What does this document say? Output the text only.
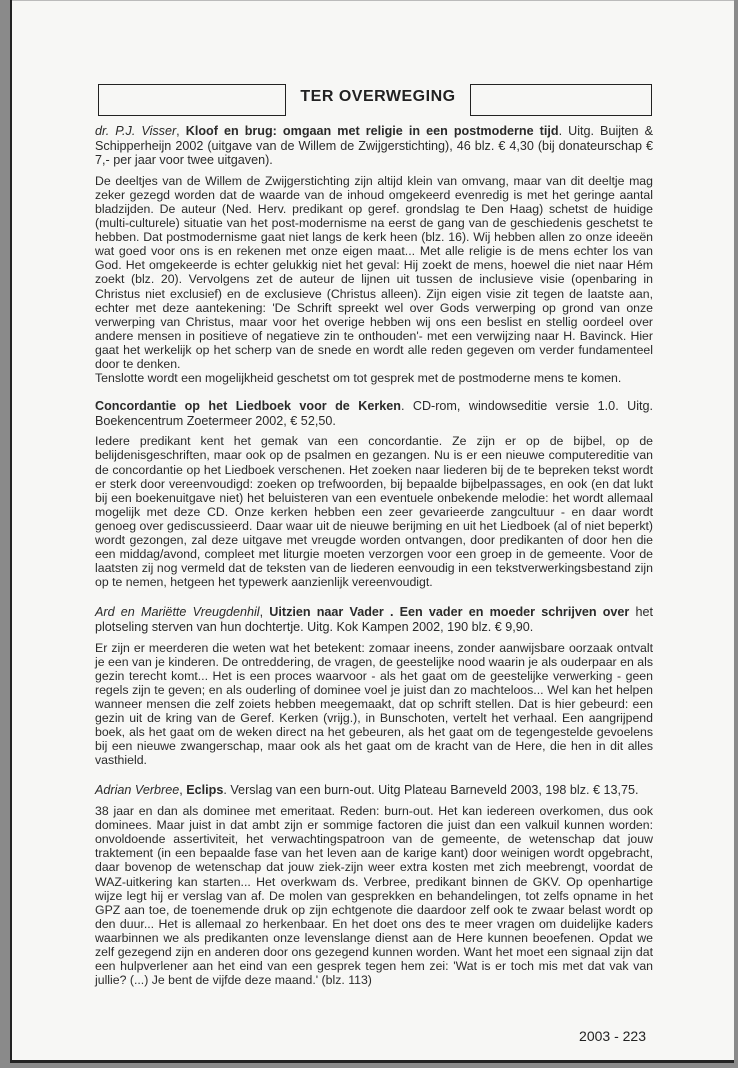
TER OVERWEGING

dr. P.J. Visser, Kloof en brug: omgaan met religie in een postmoderne tijd. Uitg. Buijten & Schipperheijn 2002 (uitgave van de Willem de Zwijgerstichting), 46 blz. € 4,30 (bij donateurschap € 7,- per jaar voor twee uitgaven).

De deeltjes van de Willem de Zwijgerstichting zijn altijd klein van omvang, maar van dit deeltje mag zeker gezegd worden dat de waarde van de inhoud omgekeerd evenredig is met het geringe aantal bladzijden. De auteur (Ned. Herv. predikant op geref. grondslag te Den Haag) schetst de huidige (multi-culturele) situatie van het post-modernisme na eerst de gang van de geschiedenis geschetst te hebben. Dat postmodernisme gaat niet langs de kerk heen (blz. 16). Wij hebben allen zo onze ideeën wat goed voor ons is en rekenen met onze eigen maat... Met alle religie is de mens echter los van God. Het omgekeerde is echter gelukkig niet het geval: Hij zoekt de mens, hoewel die niet naar Hém zoekt (blz. 20). Vervolgens zet de auteur de lijnen uit tussen de inclusieve visie (openbaring in Christus niet exclusief) en de exclusieve (Christus alleen). Zijn eigen visie zit tegen de laatste aan, echter met deze aantekening: 'De Schrift spreekt wel over Gods verwerping op grond van onze verwerping van Christus, maar voor het overige hebben wij ons een beslist en stellig oordeel over andere mensen in positieve of negatieve zin te onthouden'- met een verwijzing naar H. Bavinck. Hier gaat het werkelijk op het scherp van de snede en wordt alle reden gegeven om verder fundamenteel door te denken.

Tenslotte wordt een mogelijkheid geschetst om tot gesprek met de postmoderne mens te komen.

Concordantie op het Liedboek voor de Kerken. CD-rom, windowseditie versie 1.0. Uitg. Boekencentrum Zoetermeer 2002, € 52,50.

Iedere predikant kent het gemak van een concordantie. Ze zijn er op de bijbel, op de belijdenisgeschriften, maar ook op de psalmen en gezangen. Nu is er een nieuwe computereditie van de concordantie op het Liedboek verschenen. Het zoeken naar liederen bij de te bepreken tekst wordt er sterk door vereenvoudigd: zoeken op trefwoorden, bij bepaalde bijbelpassages, en ook (en dat lukt bij een boekenuitgave niet) het beluisteren van een eventuele onbekende melodie: het wordt allemaal mogelijk met deze CD. Onze kerken hebben een zeer gevarieerde zangcultuur - en daar wordt genoeg over gediscussieerd. Daar waar uit de nieuwe berijming en uit het Liedboek (al of niet beperkt) wordt gezongen, zal deze uitgave met vreugde worden ontvangen, door predikanten of door hen die een middag/avond, compleet met liturgie moeten verzorgen voor een groep in de gemeente. Voor de laatsten zij nog vermeld dat de teksten van de liederen eenvoudig in een tekstverwerkingsbestand zijn op te nemen, hetgeen het typewerk aanzienlijk vereenvoudigt.

Ard en Mariëtte Vreugdenhil, Uitzien naar Vader . Een vader en moeder schrijven over het plotseling sterven van hun dochtertje. Uitg. Kok Kampen 2002, 190 blz. € 9,90.

Er zijn er meerderen die weten wat het betekent: zomaar ineens, zonder aanwijsbare oorzaak ontvalt je een van je kinderen. De ontreddering, de vragen, de geestelijke nood waarin je als ouderpaar en als gezin terecht komt... Het is een proces waarvoor - als het gaat om de geestelijke verwerking - geen regels zijn te geven; en als ouderling of dominee voel je juist dan zo machteloos... Wel kan het helpen wanneer mensen die zelf zoiets hebben meegemaakt, dat op schrift stellen. Dat is hier gebeurd: een gezin uit de kring van de Geref. Kerken (vrijg.), in Bunschoten, vertelt het verhaal. Een aangrijpend boek, als het gaat om de weken direct na het gebeuren, als het gaat om de tegengestelde gevoelens bij een nieuwe zwangerschap, maar ook als het gaat om de kracht van de Here, die hen in dit alles vasthield.

Adrian Verbree, Eclips. Verslag van een burn-out. Uitg Plateau Barneveld 2003, 198 blz. € 13,75.

38 jaar en dan als dominee met emeritaat. Reden: burn-out. Het kan iedereen overkomen, dus ook dominees. Maar juist in dat ambt zijn er sommige factoren die juist dan een valkuil kunnen worden: onvoldoende assertiviteit, het verwachtingspatroon van de gemeente, de wetenschap dat jouw traktement (in een bepaalde fase van het leven aan de karige kant) door weinigen wordt opgebracht, daar bovenop de wetenschap dat jouw ziek-zijn weer extra kosten met zich meebrengt, voordat de WAZ-uitkering kan starten... Het overkwam ds. Verbree, predikant binnen de GKV. Op openhartige wijze legt hij er verslag van af. De molen van gesprekken en behandelingen, tot zelfs opname in het GPZ aan toe, de toenemende druk op zijn echtgenote die daardoor zelf ook te zwaar belast wordt op den duur... Het is allemaal zo herkenbaar. En het doet ons des te meer vragen om duidelijke kaders waarbinnen we als predikanten onze levenslange dienst aan de Here kunnen beoefenen. Opdat we zelf gezegend zijn en anderen door ons gezegend kunnen worden. Want het moet een signaal zijn dat een hulpverlener aan het eind van een gesprek tegen hem zei: 'Wat is er toch mis met dat vak van jullie? (...) Je bent de vijfde deze maand.' (blz. 113)

2003 - 223
